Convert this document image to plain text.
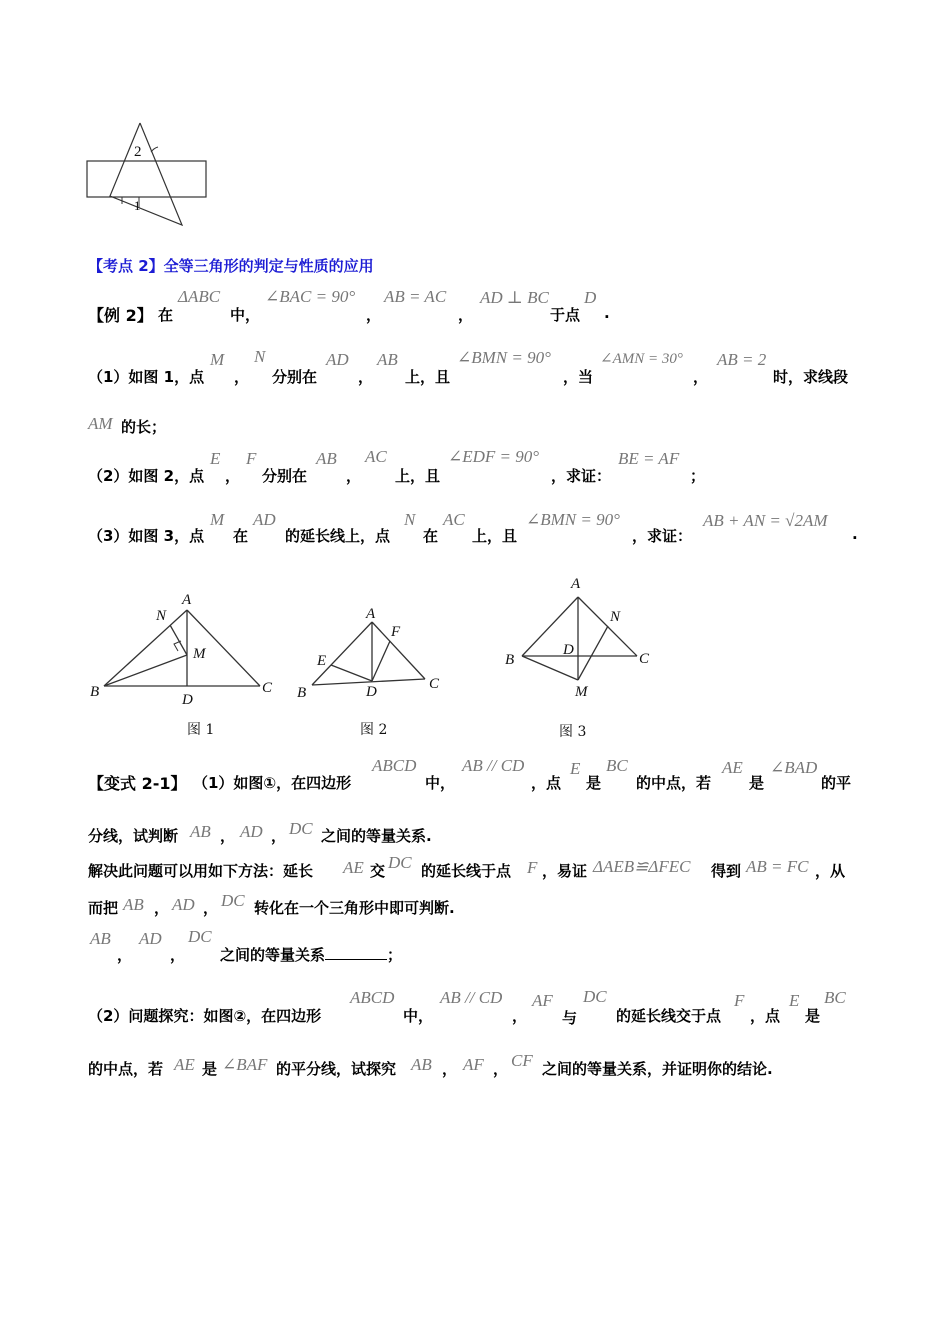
2
1
【考点 2】全等三角形的判定与性质的应用
【例 2】 在
ΔABC
中，
∠BAC = 90°
，
AB = AC
，
AD ⊥ BC
于点
D
.
（1）如图 1，点
M
，
N
分别在
AD
，
AB
上，且
∠BMN = 90°
，当
∠AMN = 30°
，
AB = 2
时，求线段
AM 的长；
（2）如图 2，点
E
，
F
分别在
AB
，
AC
上，且
∠EDF = 90°
，求证：
BE = AF
；
（3）如图 3，点
M
在
AD
的延长线上，点
N
在
AC
上，且
∠BMN = 90°
，求证：
AB + AN = √2AM
.
A
N
M
B	D
C
图 1
A
F
E
B	D	C
图 2
A
N
D
B	C
M
图 3
【变式 2-1】 （1）如图①，在四边形
ABCD
中，
AB // CD
，点
E
是
BC
的中点，若
AE
是
∠BAD
的平
分线，试判断 AB ， AD ， DC 之间的等量关系.
解决此问题可以用如下方法：延长 AE 交 DC 的延长线于点 F ，易证 ΔAEB≌ΔFEC 得到 AB = FC ，从
而把 AB ， AD ， DC 转化在一个三角形中即可判断.
AB
，
AD
，
DC
之间的等量关系	；
（2）问题探究：如图②，在四边形
ABCD
中，
AB // CD
，
AF
与
DC
的延长线交于点
F
，点
E
是
BC
的中点，若 AE 是 ∠BAF 的平分线，试探究 AB ， AF ， CF 之间的等量关系，并证明你的结论.
